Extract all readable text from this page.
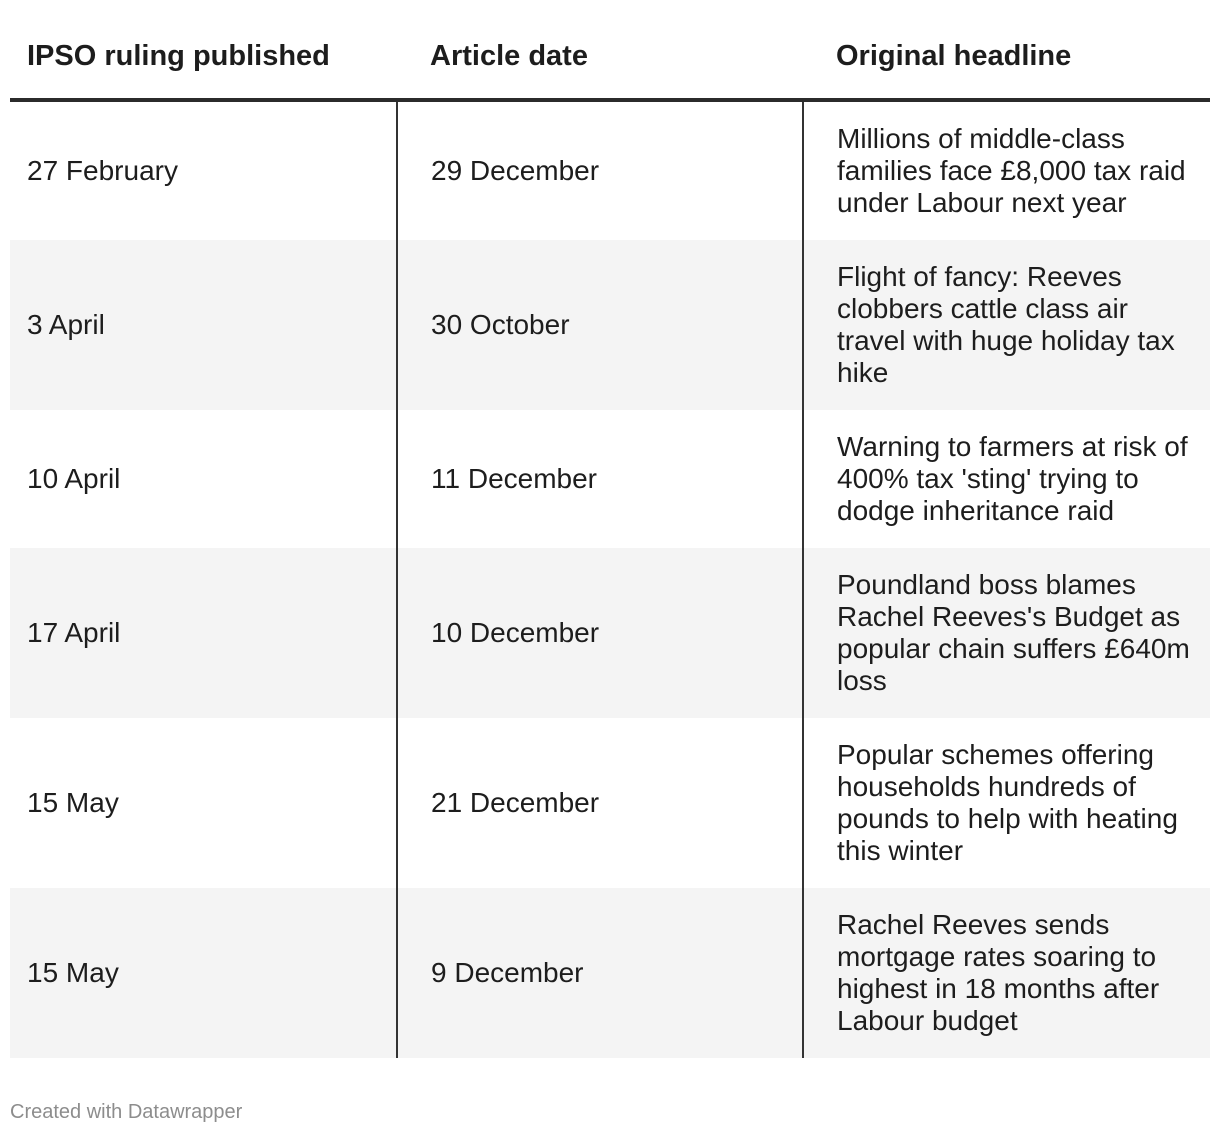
IPSO ruling published	Article date	Original headline
27 February	29 December	Millions of middle-class families face £8,000 tax raid under Labour next year
3 April	30 October	Flight of fancy: Reeves clobbers cattle class air travel with huge holiday tax hike
10 April	11 December	Warning to farmers at risk of 400% tax 'sting' trying to dodge inheritance raid
17 April	10 December	Poundland boss blames Rachel Reeves's Budget as popular chain suffers £640m loss
15 May	21 December	Popular schemes offering households hundreds of pounds to help with heating this winter
15 May	9 December	Rachel Reeves sends mortgage rates soaring to highest in 18 months after Labour budget
Created with Datawrapper
